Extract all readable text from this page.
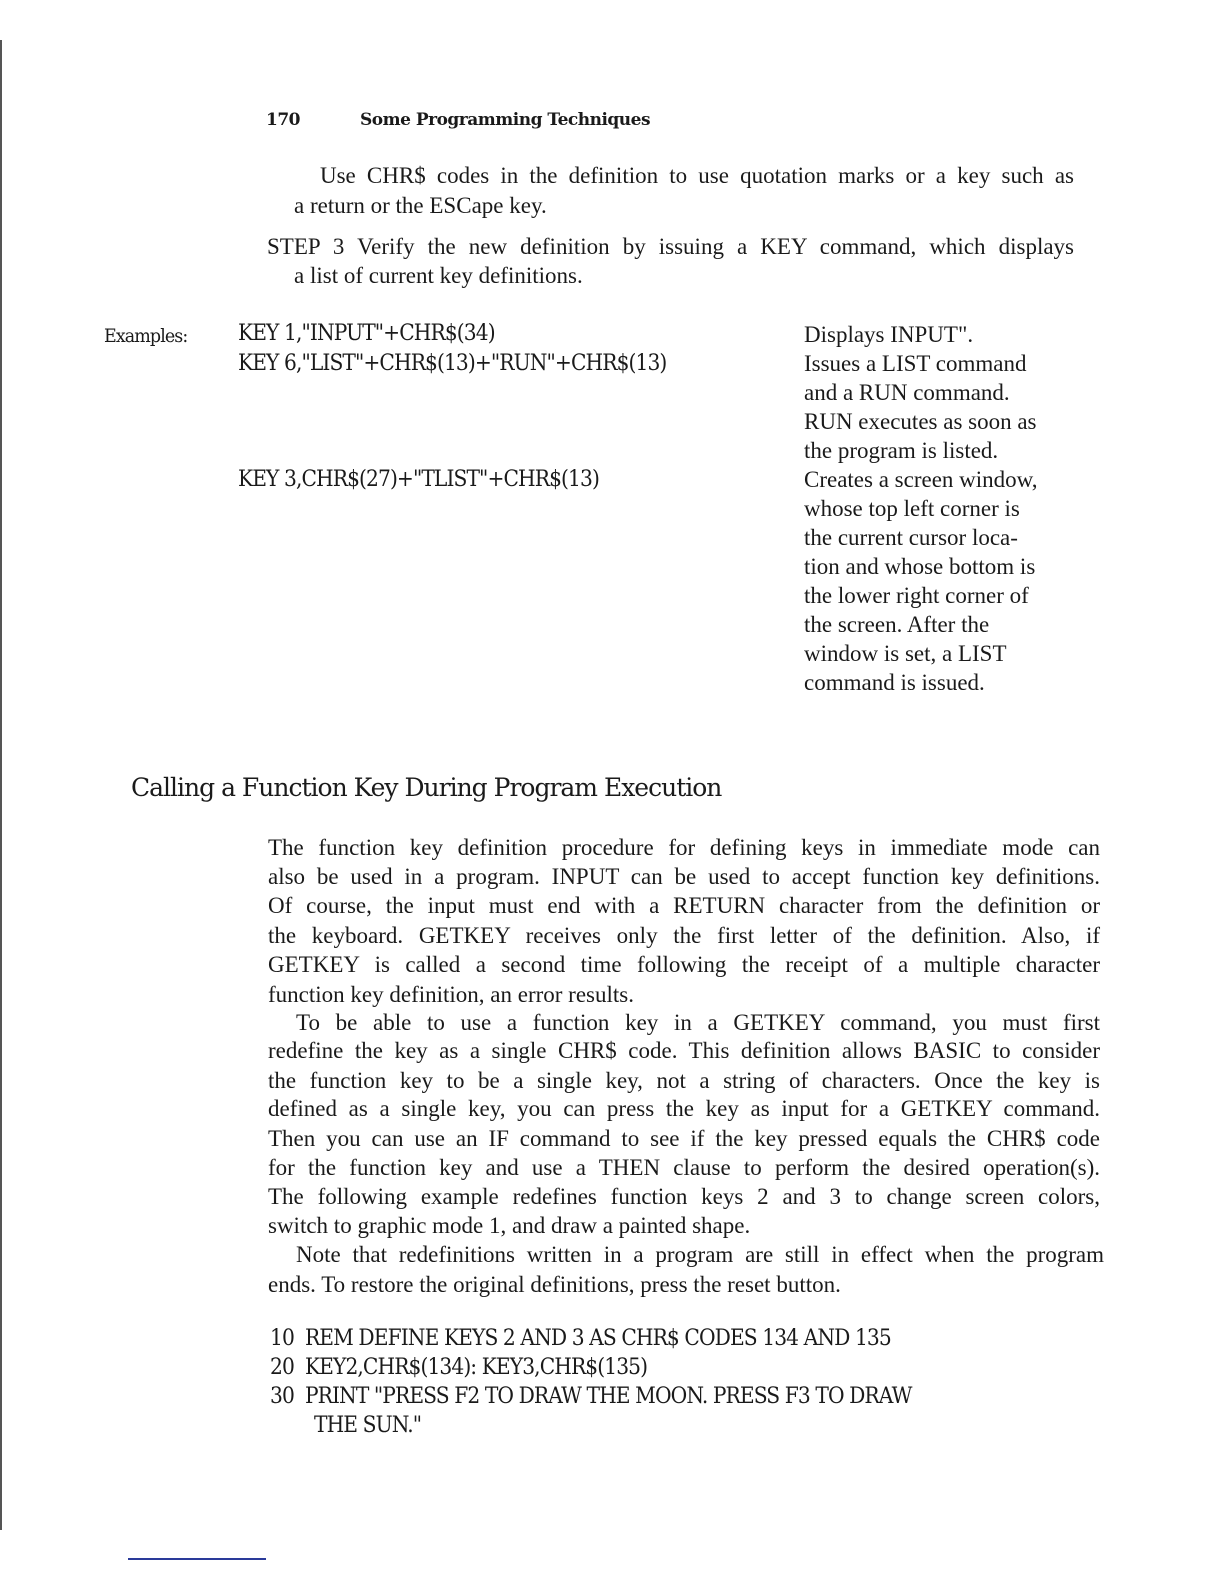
170	Some Programming Techniques
Use CHR$ codes in the definition to use quotation marks or a key such as
a return or the ESCape key.
STEP 3 Verify the new definition by issuing a KEY command, which displays
a list of current key definitions.
Examples: KEY 1,"INPUT"+CHR$(34)
KEY 6,"LIST"+CHR$(13)+"RUN"+CHR$(13)
KEY 3,CHR$(27)+"TLIST"+CHR$(13)
Displays INPUT".
Issues a LIST command
and a RUN command.
RUN executes as soon as
the program is listed.
Creates a screen window,
whose top left corner is
the current cursor loca-
tion and whose bottom is
the lower right corner of
the screen. After the
window is set, a LIST
command is issued.
Calling a Function Key During Program Execution
The function key definition procedure for defining keys in immediate mode can
also be used in a program. INPUT can be used to accept function key definitions.
Of course, the input must end with a RETURN character from the definition or
the keyboard. GETKEY receives only the first letter of the definition. Also, if
GETKEY is called a second time following the receipt of a multiple character
function key definition, an error results.
To be able to use a function key in a GETKEY command, you must first
redefine the key as a single CHR$ code. This definition allows BASIC to consider
the function key to be a single key, not a string of characters. Once the key is
defined as a single key, you can press the key as input for a GETKEY command.
Then you can use an IF command to see if the key pressed equals the CHR$ code
for the function key and use a THEN clause to perform the desired operation(s).
The following example redefines function keys 2 and 3 to change screen colors,
switch to graphic mode 1, and draw a painted shape.
Note that redefinitions written in a program are still in effect when the program
ends. To restore the original definitions, press the reset button.
10  REM DEFINE KEYS 2 AND 3 AS CHR$ CODES 134 AND 135
20  KEY2,CHR$(134): KEY3,CHR$(135)
30  PRINT "PRESS F2 TO DRAW THE MOON. PRESS F3 TO DRAW
THE SUN."
